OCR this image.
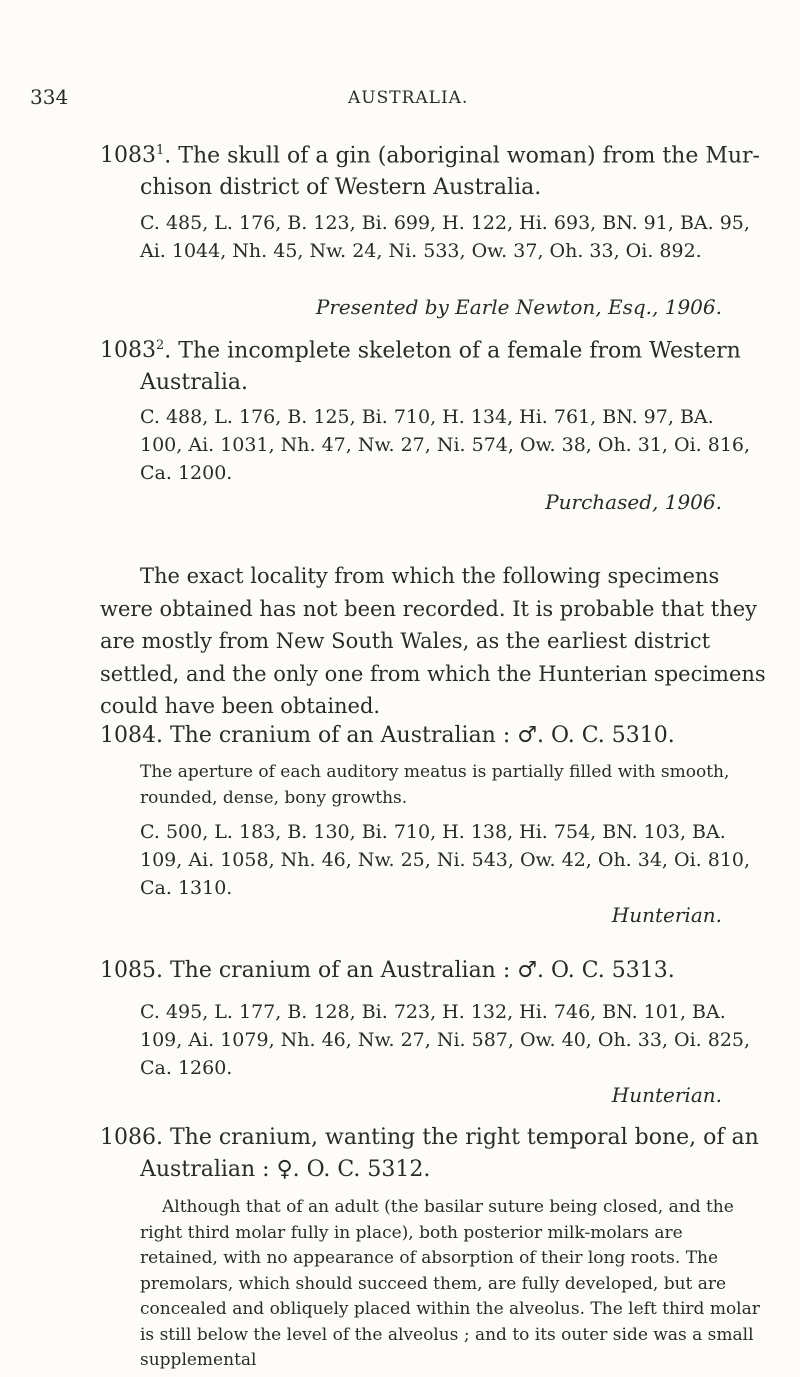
334	AUSTRALIA.
1083$^1$. The skull of a gin (aboriginal woman) from the Mur-
chison district of Western Australia.
C. 485, L. 176, B. 123, Bi. 699, H. 122, Hi. 693, BN. 91, BA. 95, Ai. 1044, Nh. 45, Nw. 24, Ni. 533, Ow. 37, Oh. 33, Oi. 892.
Presented by Earle Newton, Esq., 1906.
1083$^2$. The incomplete skeleton of a female from Western
Australia.
C. 488, L. 176, B. 125, Bi. 710, H. 134, Hi. 761, BN. 97, BA. 100, Ai. 1031, Nh. 47, Nw. 27, Ni. 574, Ow. 38, Oh. 31, Oi. 816, Ca. 1200.
Purchased, 1906.
The exact locality from which the following specimens were obtained has not been recorded. It is probable that they are mostly from New South Wales, as the earliest district settled, and the only one from which the Hunterian specimens could have been obtained.
1084. The cranium of an Australian : ♂. O. C. 5310.
The aperture of each auditory meatus is partially filled with smooth, rounded, dense, bony growths.
C. 500, L. 183, B. 130, Bi. 710, H. 138, Hi. 754, BN. 103, BA. 109, Ai. 1058, Nh. 46, Nw. 25, Ni. 543, Ow. 42, Oh. 34, Oi. 810, Ca. 1310.
Hunterian.
1085. The cranium of an Australian : ♂. O. C. 5313.
C. 495, L. 177, B. 128, Bi. 723, H. 132, Hi. 746, BN. 101, BA. 109, Ai. 1079, Nh. 46, Nw. 27, Ni. 587, Ow. 40, Oh. 33, Oi. 825, Ca. 1260.
Hunterian.
1086. The cranium, wanting the right temporal bone, of an
Australian : ♀. O. C. 5312.
Although that of an adult (the basilar suture being closed, and the right third molar fully in place), both posterior milk-molars are retained, with no appearance of absorption of their long roots. The premolars, which should succeed them, are fully developed, but are concealed and obliquely placed within the alveolus. The left third molar is still below the level of the alveolus ; and to its outer side was a small supplemental
